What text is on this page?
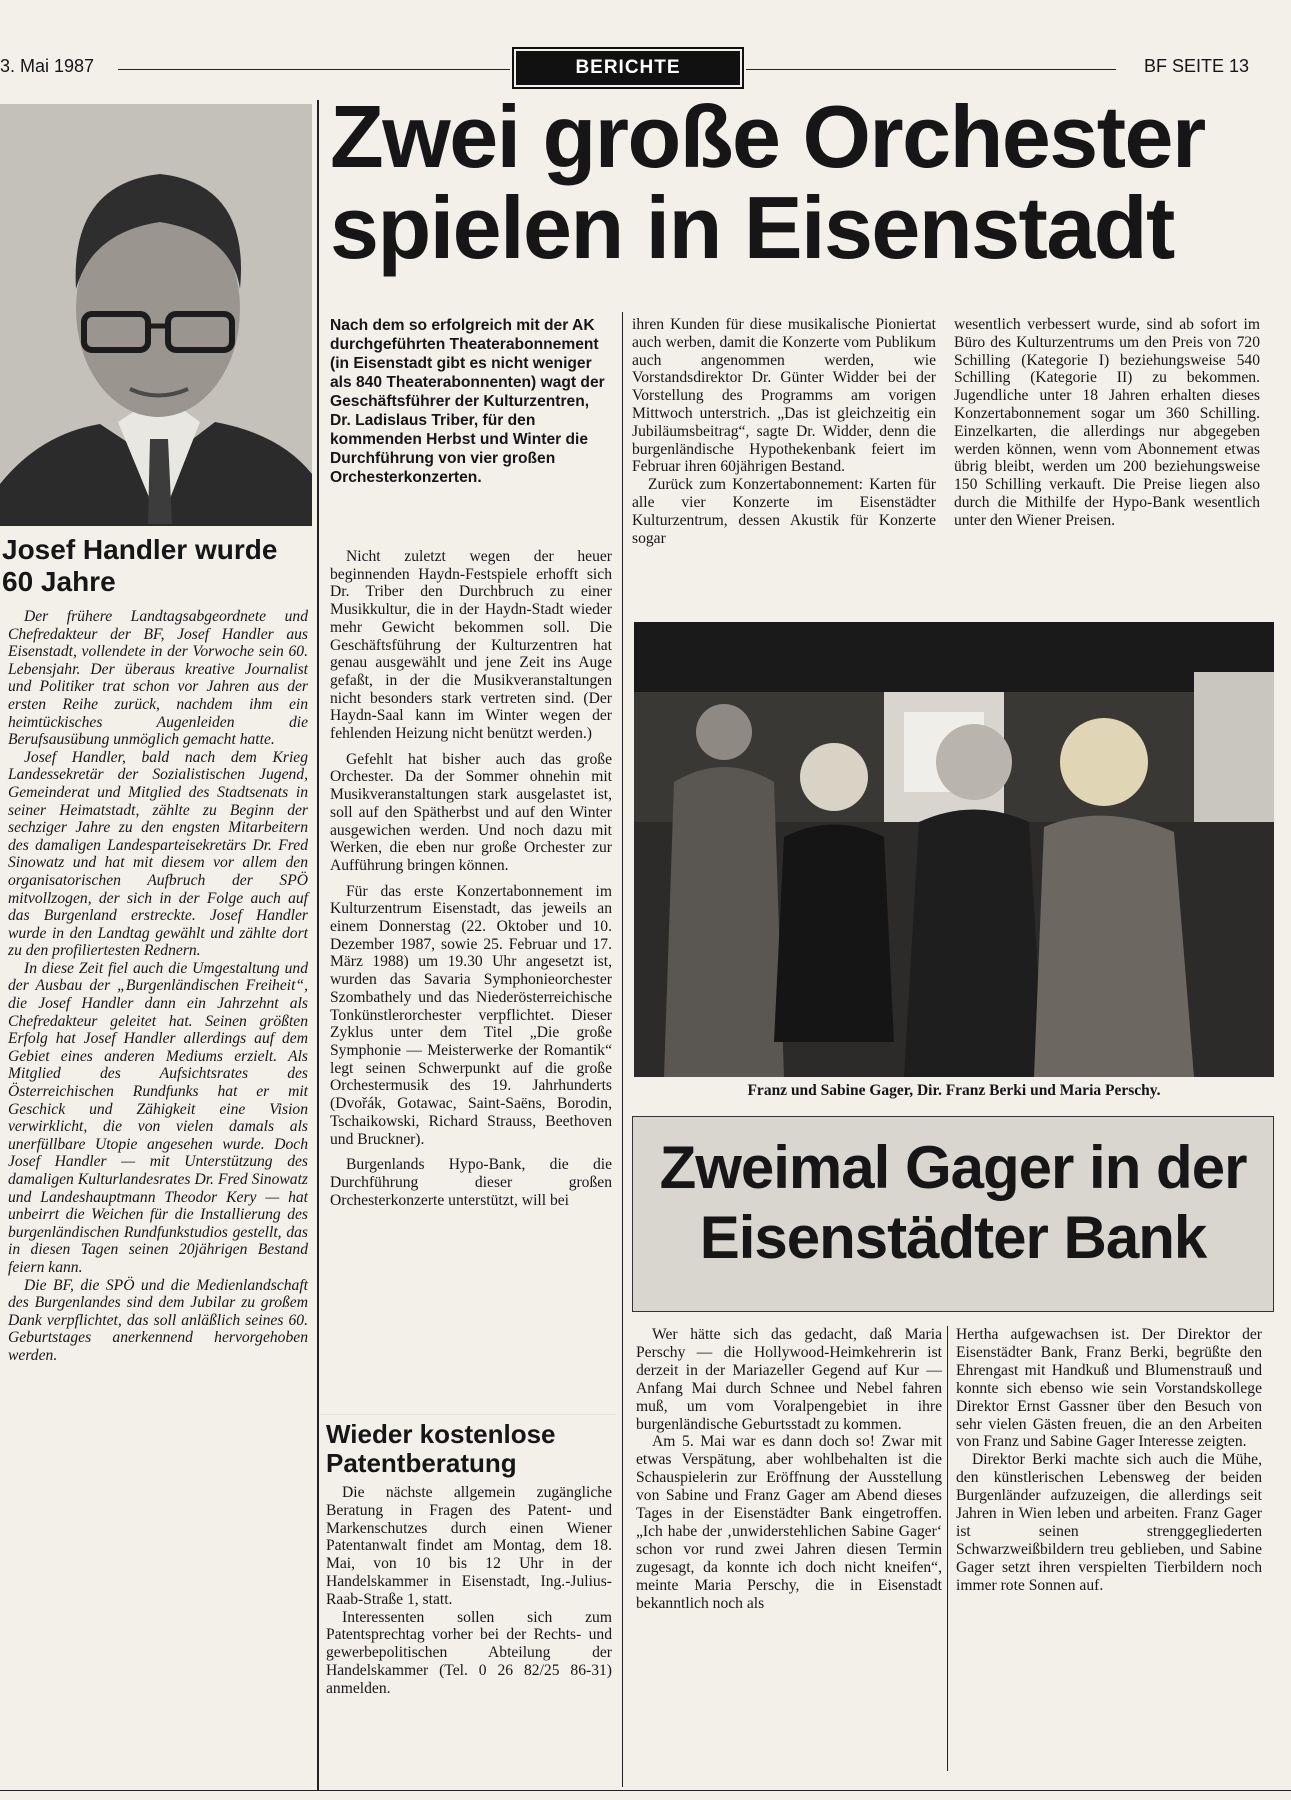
3. Mai 1987	BERICHTE	BF SEITE 13
Zwei große Orchester
spielen in Eisenstadt
Josef Handler wurde 60 Jahre

Der frühere Landtagsabgeordnete und Chefredakteur der BF, Josef Handler aus Eisenstadt, vollendete in der Vorwoche sein 60. Lebensjahr. Der überaus kreative Journalist und Politiker trat schon vor Jahren aus der ersten Reihe zurück, nachdem ihm ein heimtückisches Augenleiden die Berufsausübung unmöglich gemacht hatte.

Josef Handler, bald nach dem Krieg Landessekretär der Sozialistischen Jugend, Gemeinderat und Mitglied des Stadtsenats in seiner Heimatstadt, zählte zu Beginn der sechziger Jahre zu den engsten Mitarbeitern des damaligen Landesparteisekretärs Dr. Fred Sinowatz und hat mit diesem vor allem den organisatorischen Aufbruch der SPÖ mitvollzogen, der sich in der Folge auch auf das Burgenland erstreckte. Josef Handler wurde in den Landtag gewählt und zählte dort zu den profiliertesten Rednern.

In diese Zeit fiel auch die Umgestaltung und der Ausbau der „Burgenländischen Freiheit“, die Josef Handler dann ein Jahrzehnt als Chefredakteur geleitet hat. Seinen größten Erfolg hat Josef Handler allerdings auf dem Gebiet eines anderen Mediums erzielt. Als Mitglied des Aufsichtsrates des Österreichischen Rundfunks hat er mit Geschick und Zähigkeit eine Vision verwirklicht, die von vielen damals als unerfüllbare Utopie angesehen wurde. Doch Josef Handler — mit Unterstützung des damaligen Kulturlandesrates Dr. Fred Sinowatz und Landeshauptmann Theodor Kery — hat unbeirrt die Weichen für die Installierung des burgenländischen Rundfunkstudios gestellt, das in diesen Tagen seinen 20jährigen Bestand feiern kann.

Die BF, die SPÖ und die Medienlandschaft des Burgenlandes sind dem Jubilar zu großem Dank verpflichtet, das soll anläßlich seines 60. Geburtstages anerkennend hervorgehoben werden.

Nach dem so erfolgreich mit der AK durchgeführten Theaterabonnement (in Eisenstadt gibt es nicht weniger als 840 Theaterabonnenten) wagt der Geschäftsführer der Kulturzentren, Dr. Ladislaus Triber, für den kommenden Herbst und Winter die Durchführung von vier großen Orchesterkonzerten.

Nicht zuletzt wegen der heuer beginnenden Haydn-Festspiele erhofft sich Dr. Triber den Durchbruch zu einer Musikkultur, die in der Haydn-Stadt wieder mehr Gewicht bekommen soll. Die Geschäftsführung der Kulturzentren hat genau ausgewählt und jene Zeit ins Auge gefaßt, in der die Musikveranstaltungen nicht besonders stark vertreten sind. (Der Haydn-Saal kann im Winter wegen der fehlenden Heizung nicht benützt werden.)

Gefehlt hat bisher auch das große Orchester. Da der Sommer ohnehin mit Musikveranstaltungen stark ausgelastet ist, soll auf den Spätherbst und auf den Winter ausgewichen werden. Und noch dazu mit Werken, die eben nur große Orchester zur Aufführung bringen können.

Für das erste Konzertabonnement im Kulturzentrum Eisenstadt, das jeweils an einem Donnerstag (22. Oktober und 10. Dezember 1987, sowie 25. Februar und 17. März 1988) um 19.30 Uhr angesetzt ist, wurden das Savaria Symphonieorchester Szombathely und das Niederösterreichische Tonkünstlerorchester verpflichtet. Dieser Zyklus unter dem Titel „Die große Symphonie — Meisterwerke der Romantik“ legt seinen Schwerpunkt auf die große Orchestermusik des 19. Jahrhunderts (Dvořák, Gotawac, Saint-Saëns, Borodin, Tschaikowski, Richard Strauss, Beethoven und Bruckner).

Burgenlands Hypo-Bank, die die Durchführung dieser großen Orchesterkonzerte unterstützt, will bei

Wieder kostenlose Patentberatung

Die nächste allgemein zugängliche Beratung in Fragen des Patent- und Markenschutzes durch einen Wiener Patentanwalt findet am Montag, dem 18. Mai, von 10 bis 12 Uhr in der Handelskammer in Eisenstadt, Ing.-Julius-Raab-Straße 1, statt.

Interessenten sollen sich zum Patentsprechtag vorher bei der Rechts- und gewerbepolitischen Abteilung der Handelskammer (Tel. 0 26 82/25 86-31) anmelden.

ihren Kunden für diese musikalische Pioniertat auch werben, damit die Konzerte vom Publikum auch angenommen werden, wie Vorstandsdirektor Dr. Günter Widder bei der Vorstellung des Programms am vorigen Mittwoch unterstrich. „Das ist gleichzeitig ein Jubiläumsbeitrag“, sagte Dr. Widder, denn die burgenländische Hypothekenbank feiert im Februar ihren 60jährigen Bestand.

Zurück zum Konzertabonnement: Karten für alle vier Konzerte im Eisenstädter Kulturzentrum, dessen Akustik für Konzerte sogar

wesentlich verbessert wurde, sind ab sofort im Büro des Kulturzentrums um den Preis von 720 Schilling (Kategorie I) beziehungsweise 540 Schilling (Kategorie II) zu bekommen. Jugendliche unter 18 Jahren erhalten dieses Konzertabonnement sogar um 360 Schilling. Einzelkarten, die allerdings nur abgegeben werden können, wenn vom Abonnement etwas übrig bleibt, werden um 200 beziehungsweise 150 Schilling verkauft. Die Preise liegen also durch die Mithilfe der Hypo-Bank wesentlich unter den Wiener Preisen.

Franz und Sabine Gager, Dir. Franz Berki und Maria Perschy.
Zweimal Gager in der
Eisenstädter Bank

Wer hätte sich das gedacht, daß Maria Perschy — die Hollywood-Heimkehrerin ist derzeit in der Mariazeller Gegend auf Kur — Anfang Mai durch Schnee und Nebel fahren muß, um vom Voralpengebiet in ihre burgenländische Geburtsstadt zu kommen.

Am 5. Mai war es dann doch so! Zwar mit etwas Verspätung, aber wohlbehalten ist die Schauspielerin zur Eröffnung der Ausstellung von Sabine und Franz Gager am Abend dieses Tages in der Eisenstädter Bank eingetroffen. „Ich habe der ‚unwiderstehlichen Sabine Gager‘ schon vor rund zwei Jahren diesen Termin zugesagt, da konnte ich doch nicht kneifen“, meinte Maria Perschy, die in Eisenstadt bekanntlich noch als

Hertha aufgewachsen ist. Der Direktor der Eisenstädter Bank, Franz Berki, begrüßte den Ehrengast mit Handkuß und Blumenstrauß und konnte sich ebenso wie sein Vorstandskollege Direktor Ernst Gassner über den Besuch von sehr vielen Gästen freuen, die an den Arbeiten von Franz und Sabine Gager Interesse zeigten.

Direktor Berki machte sich auch die Mühe, den künstlerischen Lebensweg der beiden Burgenländer aufzuzeigen, die allerdings seit Jahren in Wien leben und arbeiten. Franz Gager ist seinen strenggegliederten Schwarzweißbildern treu geblieben, und Sabine Gager setzt ihren verspielten Tierbildern noch immer rote Sonnen auf.
